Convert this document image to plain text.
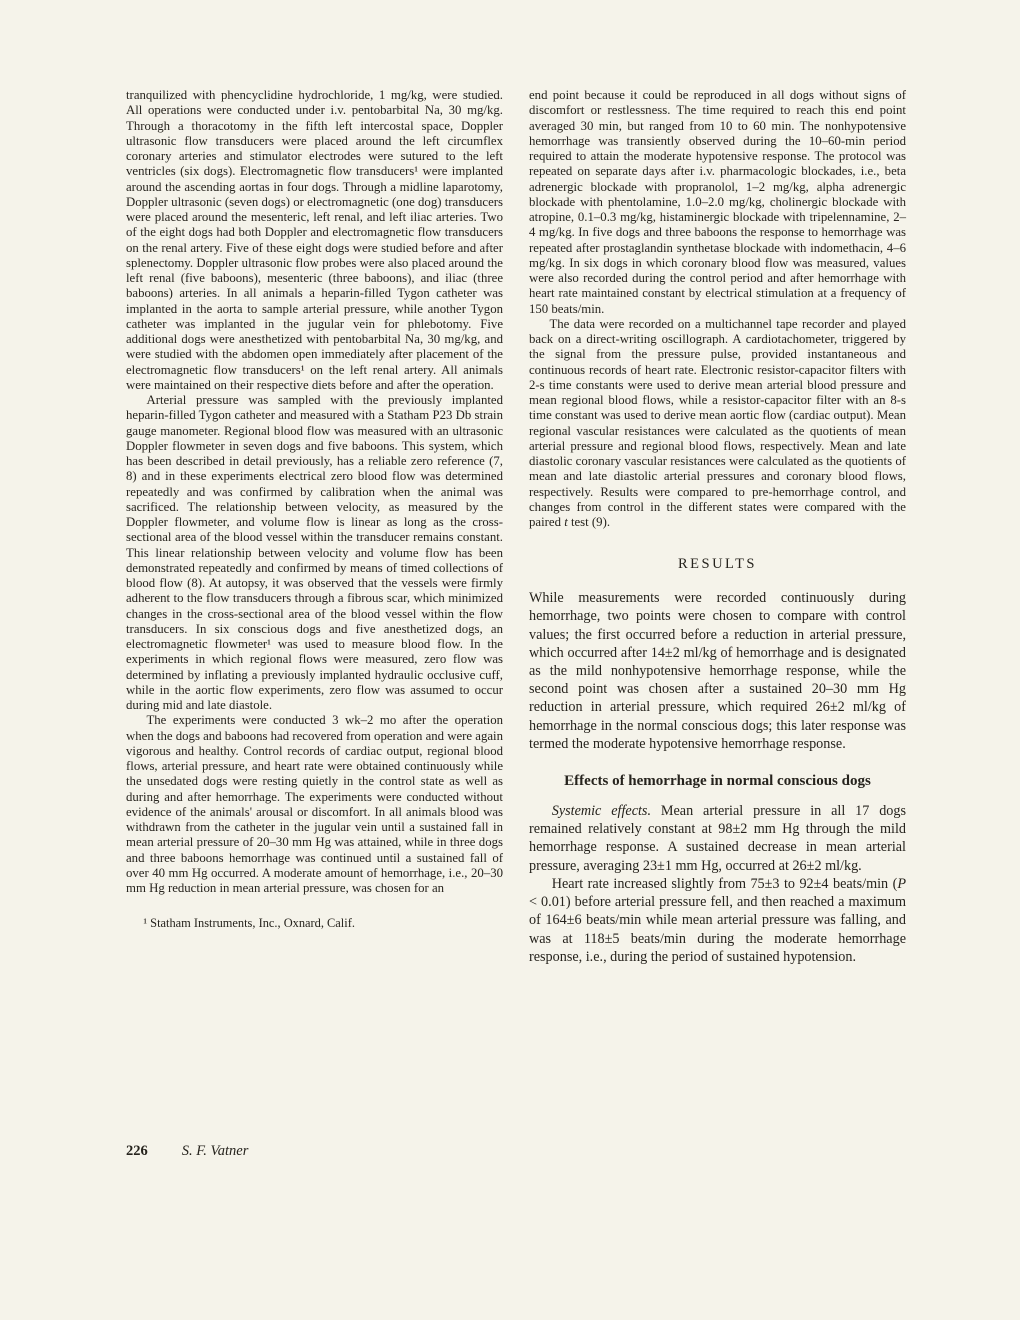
tranquilized with phencyclidine hydrochloride, 1 mg/kg, were studied. All operations were conducted under i.v. pentobarbital Na, 30 mg/kg. Through a thoracotomy in the fifth left intercostal space, Doppler ultrasonic flow transducers were placed around the left circumflex coronary arteries and stimulator electrodes were sutured to the left ventricles (six dogs). Electromagnetic flow transducers¹ were implanted around the ascending aortas in four dogs. Through a midline laparotomy, Doppler ultrasonic (seven dogs) or electromagnetic (one dog) transducers were placed around the mesenteric, left renal, and left iliac arteries. Two of the eight dogs had both Doppler and electromagnetic flow transducers on the renal artery. Five of these eight dogs were studied before and after splenectomy. Doppler ultrasonic flow probes were also placed around the left renal (five baboons), mesenteric (three baboons), and iliac (three baboons) arteries. In all animals a heparin-filled Tygon catheter was implanted in the aorta to sample arterial pressure, while another Tygon catheter was implanted in the jugular vein for phlebotomy. Five additional dogs were anesthetized with pentobarbital Na, 30 mg/kg, and were studied with the abdomen open immediately after placement of the electromagnetic flow transducers¹ on the left renal artery. All animals were maintained on their respective diets before and after the operation.

Arterial pressure was sampled with the previously implanted heparin-filled Tygon catheter and measured with a Statham P23 Db strain gauge manometer. Regional blood flow was measured with an ultrasonic Doppler flowmeter in seven dogs and five baboons. This system, which has been described in detail previously, has a reliable zero reference (7, 8) and in these experiments electrical zero blood flow was determined repeatedly and was confirmed by calibration when the animal was sacrificed. The relationship between velocity, as measured by the Doppler flowmeter, and volume flow is linear as long as the cross-sectional area of the blood vessel within the transducer remains constant. This linear relationship between velocity and volume flow has been demonstrated repeatedly and confirmed by means of timed collections of blood flow (8). At autopsy, it was observed that the vessels were firmly adherent to the flow transducers through a fibrous scar, which minimized changes in the cross-sectional area of the blood vessel within the flow transducers. In six conscious dogs and five anesthetized dogs, an electromagnetic flowmeter¹ was used to measure blood flow. In the experiments in which regional flows were measured, zero flow was determined by inflating a previously implanted hydraulic occlusive cuff, while in the aortic flow experiments, zero flow was assumed to occur during mid and late diastole.

The experiments were conducted 3 wk–2 mo after the operation when the dogs and baboons had recovered from operation and were again vigorous and healthy. Control records of cardiac output, regional blood flows, arterial pressure, and heart rate were obtained continuously while the unsedated dogs were resting quietly in the control state as well as during and after hemorrhage. The experiments were conducted without evidence of the animals' arousal or discomfort. In all animals blood was withdrawn from the catheter in the jugular vein until a sustained fall in mean arterial pressure of 20–30 mm Hg was attained, while in three dogs and three baboons hemorrhage was continued until a sustained fall of over 40 mm Hg occurred. A moderate amount of hemorrhage, i.e., 20–30 mm Hg reduction in mean arterial pressure, was chosen for an

¹ Statham Instruments, Inc., Oxnard, Calif.

end point because it could be reproduced in all dogs without signs of discomfort or restlessness. The time required to reach this end point averaged 30 min, but ranged from 10 to 60 min. The nonhypotensive hemorrhage was transiently observed during the 10–60-min period required to attain the moderate hypotensive response. The protocol was repeated on separate days after i.v. pharmacologic blockades, i.e., beta adrenergic blockade with propranolol, 1–2 mg/kg, alpha adrenergic blockade with phentolamine, 1.0–2.0 mg/kg, cholinergic blockade with atropine, 0.1–0.3 mg/kg, histaminergic blockade with tripelennamine, 2–4 mg/kg. In five dogs and three baboons the response to hemorrhage was repeated after prostaglandin synthetase blockade with indomethacin, 4–6 mg/kg. In six dogs in which coronary blood flow was measured, values were also recorded during the control period and after hemorrhage with heart rate maintained constant by electrical stimulation at a frequency of 150 beats/min.

The data were recorded on a multichannel tape recorder and played back on a direct-writing oscillograph. A cardiotachometer, triggered by the signal from the pressure pulse, provided instantaneous and continuous records of heart rate. Electronic resistor-capacitor filters with 2-s time constants were used to derive mean arterial blood pressure and mean regional blood flows, while a resistor-capacitor filter with an 8-s time constant was used to derive mean aortic flow (cardiac output). Mean regional vascular resistances were calculated as the quotients of mean arterial pressure and regional blood flows, respectively. Mean and late diastolic coronary vascular resistances were calculated as the quotients of mean and late diastolic arterial pressures and coronary blood flows, respectively. Results were compared to pre-hemorrhage control, and changes from control in the different states were compared with the paired t test (9).

RESULTS

While measurements were recorded continuously during hemorrhage, two points were chosen to compare with control values; the first occurred before a reduction in arterial pressure, which occurred after 14±2 ml/kg of hemorrhage and is designated as the mild nonhypotensive hemorrhage response, while the second point was chosen after a sustained 20–30 mm Hg reduction in arterial pressure, which required 26±2 ml/kg of hemorrhage in the normal conscious dogs; this later response was termed the moderate hypotensive hemorrhage response.

Effects of hemorrhage in normal conscious dogs

Systemic effects. Mean arterial pressure in all 17 dogs remained relatively constant at 98±2 mm Hg through the mild hemorrhage response. A sustained decrease in mean arterial pressure, averaging 23±1 mm Hg, occurred at 26±2 ml/kg.

Heart rate increased slightly from 75±3 to 92±4 beats/min (P < 0.01) before arterial pressure fell, and then reached a maximum of 164±6 beats/min while mean arterial pressure was falling, and was at 118±5 beats/min during the moderate hemorrhage response, i.e., during the period of sustained hypotension.

226 S. F. Vatner
